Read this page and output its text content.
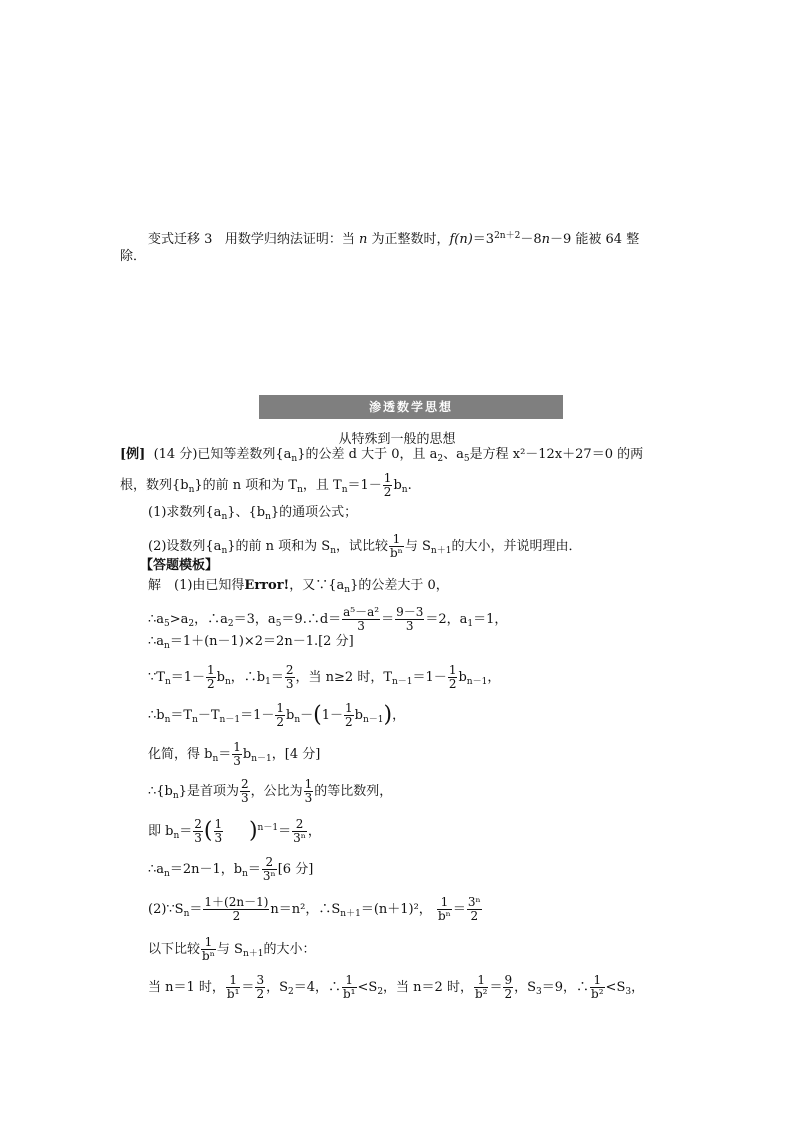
变式迁移 3 用数学归纳法证明：当 n 为正整数时，$f(n)=3^{2n+2}-8n-9$ 能被 64 整
除．
渗透数学思想
从特殊到一般的思想
[例] (14 分)已知等差数列$\{a_n\}$的公差 d 大于 0，且 $a_2$、$a_5$是方程 x²－12x＋27＝0 的两
根，数列$\{b_n\}$的前 n 项和为 $T_n$，且 $T_n=1- \frac{1}{2} b_n$.
(1)求数列$\{a_n\}$、$\{b_n\}$的通项公式；
(2)设数列$\{a_n\}$的前 n 项和为 $S_n$，试比较 $\frac{1}{\text{bⁿ}}$ 与 $S_{n+1}$的大小，并说明理由．
【答题模板】
解　(1)由已知得Error!，又$\because\{a_n\}$的公差大于 0，
$\therefore a_5>a_2$，$\therefore a_2=3$，$a_5=9.\therefore d= \frac{\text{a⁵－a²}}{3} = \frac{9-3}{3} =2$，$a_1=1$，
$\therefore a_n=1+(n-1)\times 2=2n-1.[2$ 分]
$\because T_n=1- \frac{1}{2} b_n$，$\therefore b_1= \frac{2}{3}$ ，当 n≥2 时，$T_{n-1}=1- \frac{1}{2} b_{n-1}$，
$\therefore b_n=T_n-T_{n-1}=1- \frac{1}{2} b_n-(1- \frac{1}{2} b_{n-1})$，
化简，得 $b_n= \frac{1}{3} b_{n-1}$，[4 分]
$\therefore\{b_n\}$是首项为 $\frac{2}{3}$ ，公比为 $\frac{1}{3}$ 的等比数列，
即 $b_n= \frac{2}{3}$ ( $\frac{1}{3} )^{n-1}= \frac{2}{\text{3ⁿ}}$ ，
$\therefore a_n=2n-1$，$b_n= \frac{2}{\text{3ⁿ}} [6$ 分]
$(2)\because S_n= \frac{1+(2n-1)}{2} n=n^2$，$\therefore S_{n+1}=(n+1)^2$， $\frac{1}{\text{bⁿ}} = \frac{\text{3ⁿ}}{2}$
以下比较 $\frac{1}{\text{bⁿ}}$ 与 $S_{n+1}$的大小：
当 n＝1 时， $\frac{1}{\text{b¹}} = \frac{3}{2}$ ，$S_2=4$，∴ $\frac{1}{\text{b¹}} <S_2$，当 n＝2 时， $\frac{1}{\text{b²}} = \frac{9}{2}$ ，$S_3=9$，∴ $\frac{1}{\text{b²}} <S_3$，
